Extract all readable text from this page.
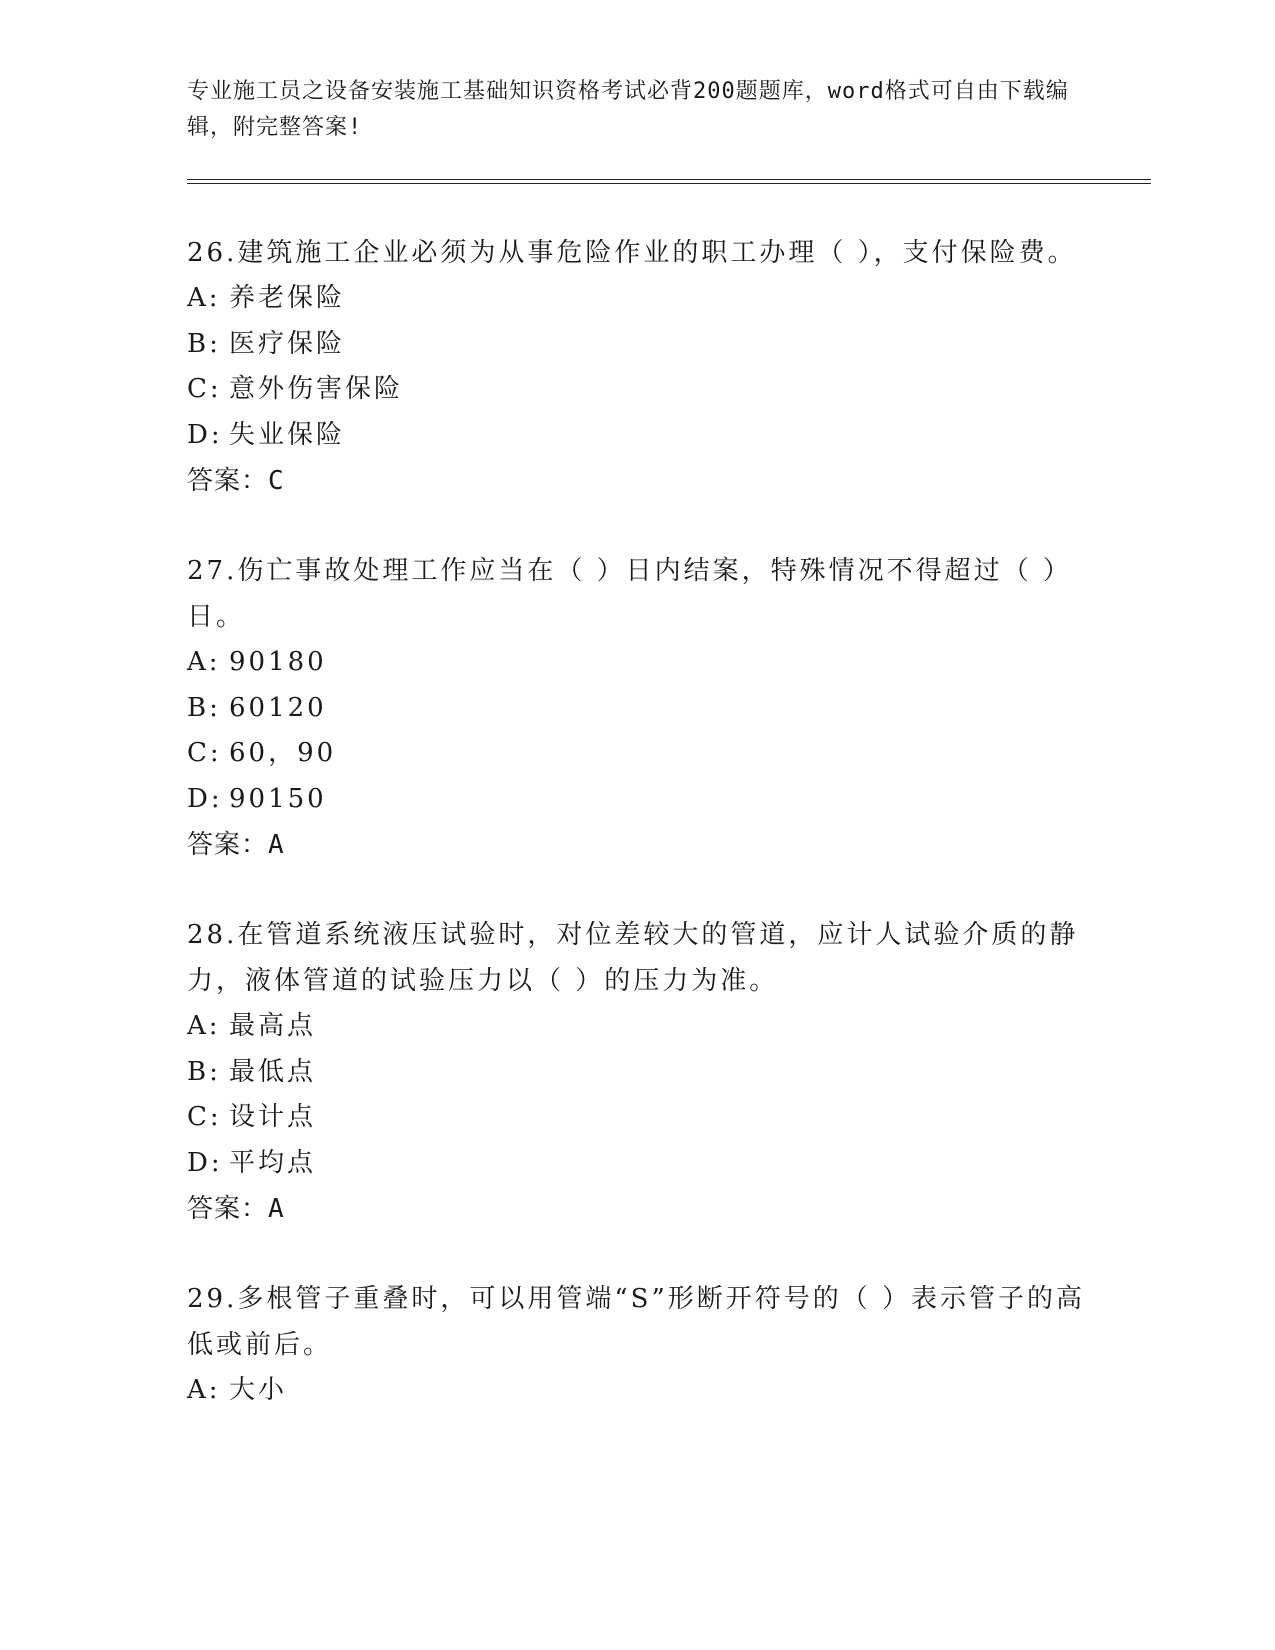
专业施工员之设备安装施工基础知识资格考试必背200题题库，word格式可自由下载编辑，附完整答案!

26.建筑施工企业必须为从事危险作业的职工办理（ ），支付保险费。

A: 养老保险

B: 医疗保险

C: 意外伤害保险

D: 失业保险

答案：C

27.伤亡事故处理工作应当在（ ）日内结案，特殊情况不得超过（ ）日。

A: 90180

B: 60120

C: 60，90

D: 90150

答案：A

28.在管道系统液压试验时，对位差较大的管道，应计人试验介质的静力，液体管道的试验压力以（ ）的压力为准。

A: 最高点

B: 最低点

C: 设计点

D: 平均点

答案：A

29.多根管子重叠时，可以用管端“S”形断开符号的（ ）表示管子的高低或前后。

A: 大小
